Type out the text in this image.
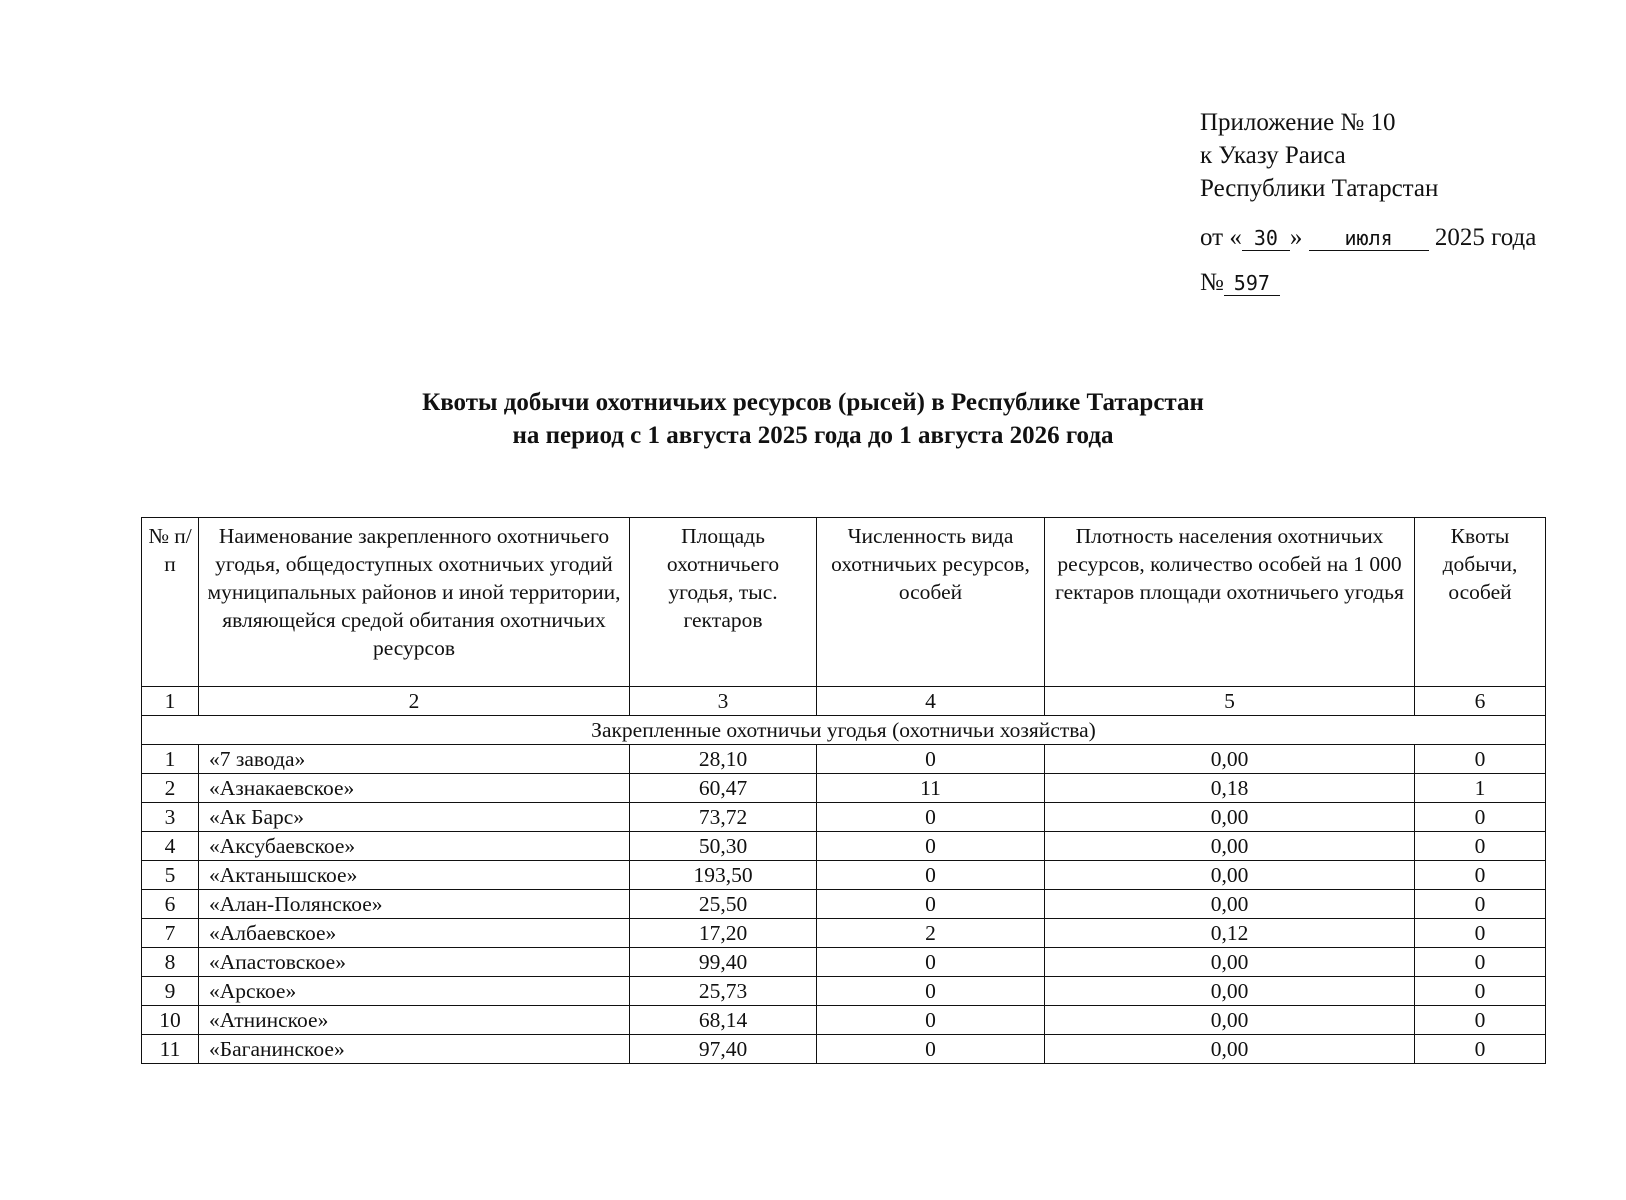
Приложение № 10
к Указу Раиса
Республики Татарстан
от « 30 » июля 2025 года
№ 597
Квоты добычи охотничьих ресурсов (рысей) в Республике Татарстан
на период с 1 августа 2025 года до 1 августа 2026 года
№ п/п	Наименование закрепленного охотничьего угодья, общедоступных охотничьих угодий муниципальных районов и иной территории, являющейся средой обитания охотничьих ресурсов	Площадь охотничьего угодья, тыс. гектаров	Численность вида охотничьих ресурсов, особей	Плотность населения охотничьих ресурсов, количество особей на 1 000 гектаров площади охотничьего угодья	Квоты добычи, особей
1	2	3	4	5	6
Закрепленные охотничьи угодья (охотничьи хозяйства)					
1	«7 завода»	28,10	0	0,00	0
2	«Азнакаевское»	60,47	11	0,18	1
3	«Ак Барс»	73,72	0	0,00	0
4	«Аксубаевское»	50,30	0	0,00	0
5	«Актанышское»	193,50	0	0,00	0
6	«Алан-Полянское»	25,50	0	0,00	0
7	«Албаевское»	17,20	2	0,12	0
8	«Апастовское»	99,40	0	0,00	0
9	«Арское»	25,73	0	0,00	0
10	«Атнинское»	68,14	0	0,00	0
11	«Баганинское»	97,40	0	0,00	0
